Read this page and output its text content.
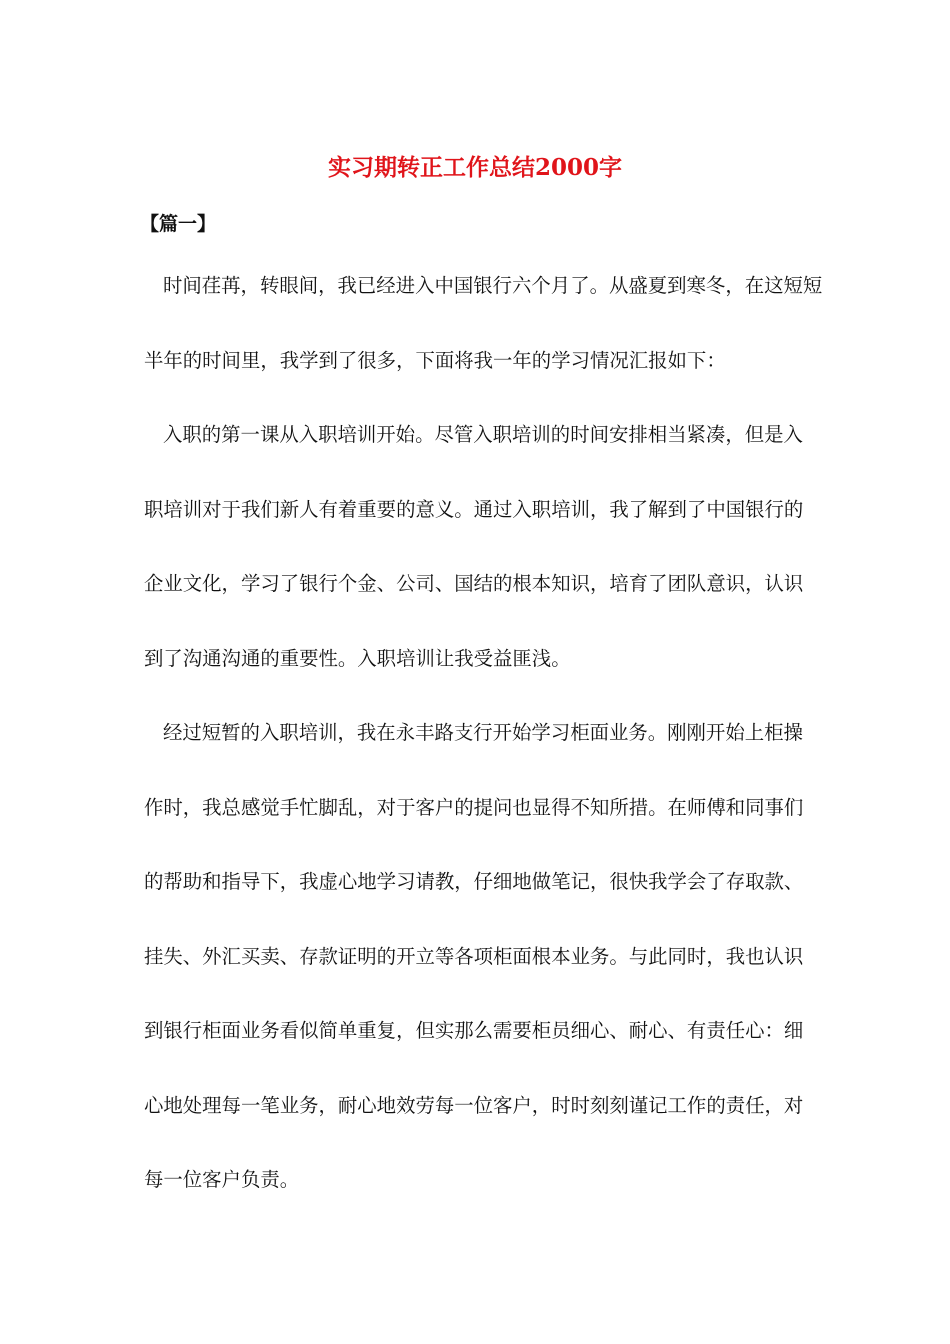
实习期转正工作总结2000字

【篇一】

时间荏苒，转眼间，我已经进入中国银行六个月了。从盛夏到寒冬，在这短短
半年的时间里，我学到了很多，下面将我一年的学习情况汇报如下：
入职的第一课从入职培训开始。尽管入职培训的时间安排相当紧凑，但是入
职培训对于我们新人有着重要的意义。通过入职培训，我了解到了中国银行的
企业文化，学习了银行个金、公司、国结的根本知识，培育了团队意识，认识
到了沟通沟通的重要性。入职培训让我受益匪浅。
经过短暂的入职培训，我在永丰路支行开始学习柜面业务。刚刚开始上柜操
作时，我总感觉手忙脚乱，对于客户的提问也显得不知所措。在师傅和同事们
的帮助和指导下，我虚心地学习请教，仔细地做笔记，很快我学会了存取款、
挂失、外汇买卖、存款证明的开立等各项柜面根本业务。与此同时，我也认识
到银行柜面业务看似简单重复，但实那么需要柜员细心、耐心、有责任心：细
心地处理每一笔业务，耐心地效劳每一位客户，时时刻刻谨记工作的责任，对
每一位客户负责。
